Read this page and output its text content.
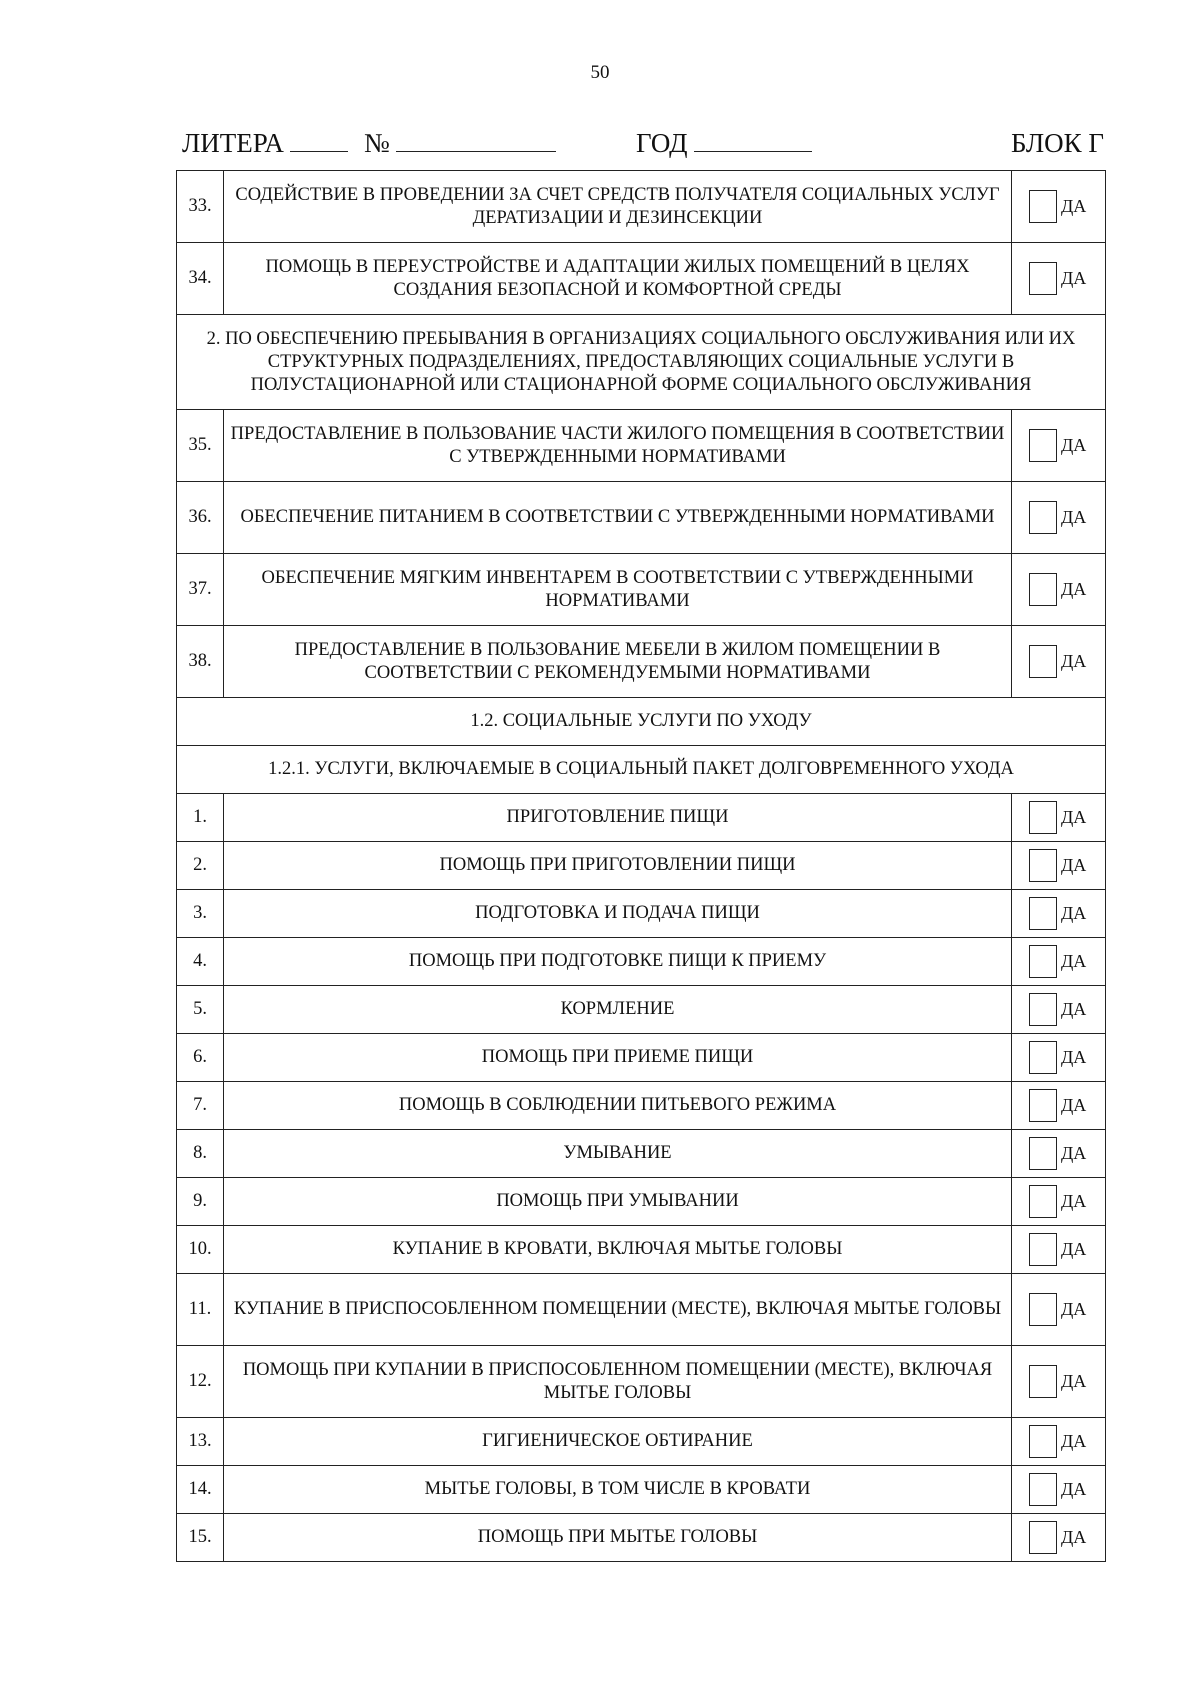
50
ЛИТЕРА	№	ГОД	БЛОК Г
33.	СОДЕЙСТВИЕ В ПРОВЕДЕНИИ ЗА СЧЕТ СРЕДСТВ ПОЛУЧАТЕЛЯ СОЦИАЛЬНЫХ УСЛУГ ДЕРАТИЗАЦИИ И ДЕЗИНСЕКЦИИ	ДА

34.	ПОМОЩЬ В ПЕРЕУСТРОЙСТВЕ И АДАПТАЦИИ ЖИЛЫХ ПОМЕЩЕНИЙ В ЦЕЛЯХ СОЗДАНИЯ БЕЗОПАСНОЙ И КОМФОРТНОЙ СРЕДЫ	ДА

2. ПО ОБЕСПЕЧЕНИЮ ПРЕБЫВАНИЯ В ОРГАНИЗАЦИЯХ СОЦИАЛЬНОГО ОБСЛУЖИВАНИЯ ИЛИ ИХ СТРУКТУРНЫХ ПОДРАЗДЕЛЕНИЯХ, ПРЕДОСТАВЛЯЮЩИХ СОЦИАЛЬНЫЕ УСЛУГИ В ПОЛУСТАЦИОНАРНОЙ ИЛИ СТАЦИОНАРНОЙ ФОРМЕ СОЦИАЛЬНОГО ОБСЛУЖИВАНИЯ		
35.	ПРЕДОСТАВЛЕНИЕ В ПОЛЬЗОВАНИЕ ЧАСТИ ЖИЛОГО ПОМЕЩЕНИЯ В СООТВЕТСТВИИ С УТВЕРЖДЕННЫМИ НОРМАТИВАМИ	ДА

36.	ОБЕСПЕЧЕНИЕ ПИТАНИЕМ В СООТВЕТСТВИИ С УТВЕРЖДЕННЫМИ НОРМАТИВАМИ	ДА

37.	ОБЕСПЕЧЕНИЕ МЯГКИМ ИНВЕНТАРЕМ В СООТВЕТСТВИИ С УТВЕРЖДЕННЫМИ НОРМАТИВАМИ	ДА

38.	ПРЕДОСТАВЛЕНИЕ В ПОЛЬЗОВАНИЕ МЕБЕЛИ В ЖИЛОМ ПОМЕЩЕНИИ В СООТВЕТСТВИИ С РЕКОМЕНДУЕМЫМИ НОРМАТИВАМИ	ДА

1.2. СОЦИАЛЬНЫЕ УСЛУГИ ПО УХОДУ		
1.2.1. УСЛУГИ, ВКЛЮЧАЕМЫЕ В СОЦИАЛЬНЫЙ ПАКЕТ ДОЛГОВРЕМЕННОГО УХОДА		
1.	ПРИГОТОВЛЕНИЕ ПИЩИ	ДА

2.	ПОМОЩЬ ПРИ ПРИГОТОВЛЕНИИ ПИЩИ	ДА

3.	ПОДГОТОВКА И ПОДАЧА ПИЩИ	ДА

4.	ПОМОЩЬ ПРИ ПОДГОТОВКЕ ПИЩИ К ПРИЕМУ	ДА

5.	КОРМЛЕНИЕ	ДА

6.	ПОМОЩЬ ПРИ ПРИЕМЕ ПИЩИ	ДА

7.	ПОМОЩЬ В СОБЛЮДЕНИИ ПИТЬЕВОГО РЕЖИМА	ДА

8.	УМЫВАНИЕ	ДА

9.	ПОМОЩЬ ПРИ УМЫВАНИИ	ДА

10.	КУПАНИЕ В КРОВАТИ, ВКЛЮЧАЯ МЫТЬЕ ГОЛОВЫ	ДА

11.	КУПАНИЕ В ПРИСПОСОБЛЕННОМ ПОМЕЩЕНИИ (МЕСТЕ), ВКЛЮЧАЯ МЫТЬЕ ГОЛОВЫ	ДА

12.	ПОМОЩЬ ПРИ КУПАНИИ В ПРИСПОСОБЛЕННОМ ПОМЕЩЕНИИ (МЕСТЕ), ВКЛЮЧАЯ МЫТЬЕ ГОЛОВЫ	ДА

13.	ГИГИЕНИЧЕСКОЕ ОБТИРАНИЕ	ДА

14.	МЫТЬЕ ГОЛОВЫ, В ТОМ ЧИСЛЕ В КРОВАТИ	ДА

15.	ПОМОЩЬ ПРИ МЫТЬЕ ГОЛОВЫ	ДА
